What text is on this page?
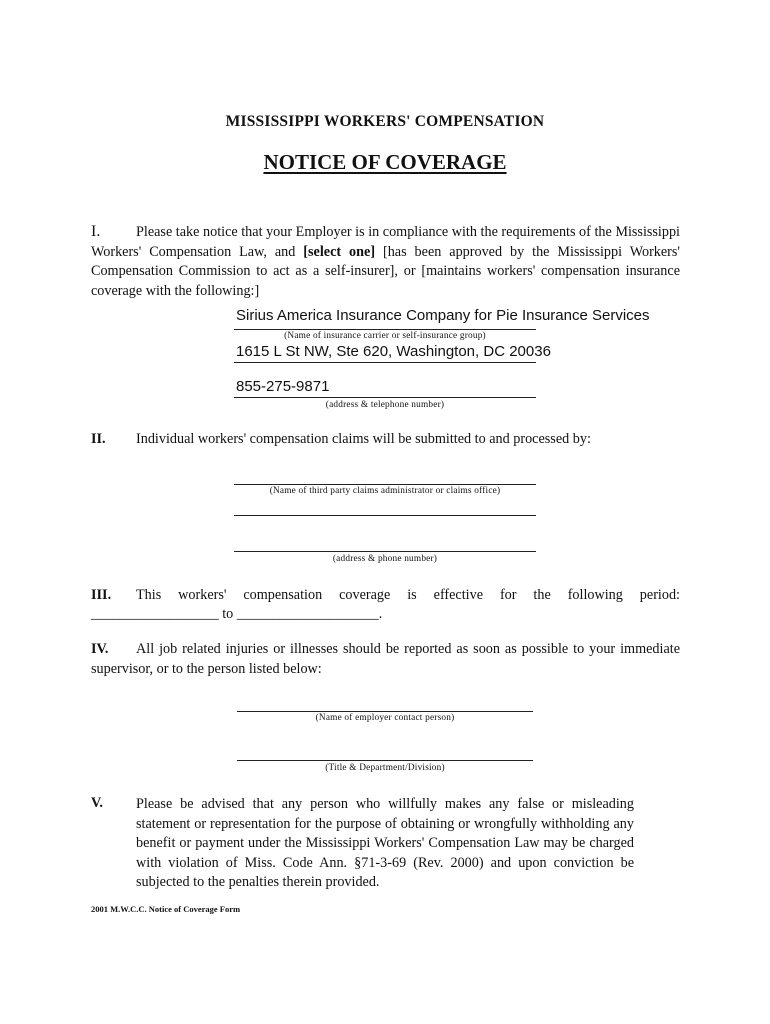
MISSISSIPPI WORKERS' COMPENSATION
NOTICE OF COVERAGE
I.	Please take notice that your Employer is in compliance with the requirements of the Mississippi Workers' Compensation Law, and [select one] [has been approved by the Mississippi Workers' Compensation Commission to act as a self-insurer], or [maintains workers' compensation insurance coverage with the following:]
Sirius America Insurance Company for Pie Insurance Services
(Name of insurance carrier or self-insurance group)
1615 L St NW, Ste 620, Washington, DC 20036
855-275-9871
(address & telephone number)
II. Individual workers' compensation claims will be submitted to and processed by:
(Name of third party claims administrator or claims office)
(address & phone number)
III. This workers' compensation coverage is effective for the following period:
__________________ to ____________________.
IV. All job related injuries or illnesses should be reported as soon as possible to your immediate supervisor, or to the person listed below:
(Name of employer contact person)
(Title & Department/Division)
V. Please be advised that any person who willfully makes any false or misleading statement or representation for the purpose of obtaining or wrongfully withholding any benefit or payment under the Mississippi Workers' Compensation Law may be charged with violation of Miss. Code Ann. §71-3-69 (Rev. 2000) and upon conviction be subjected to the penalties therein provided.
2001 M.W.C.C. Notice of Coverage Form
